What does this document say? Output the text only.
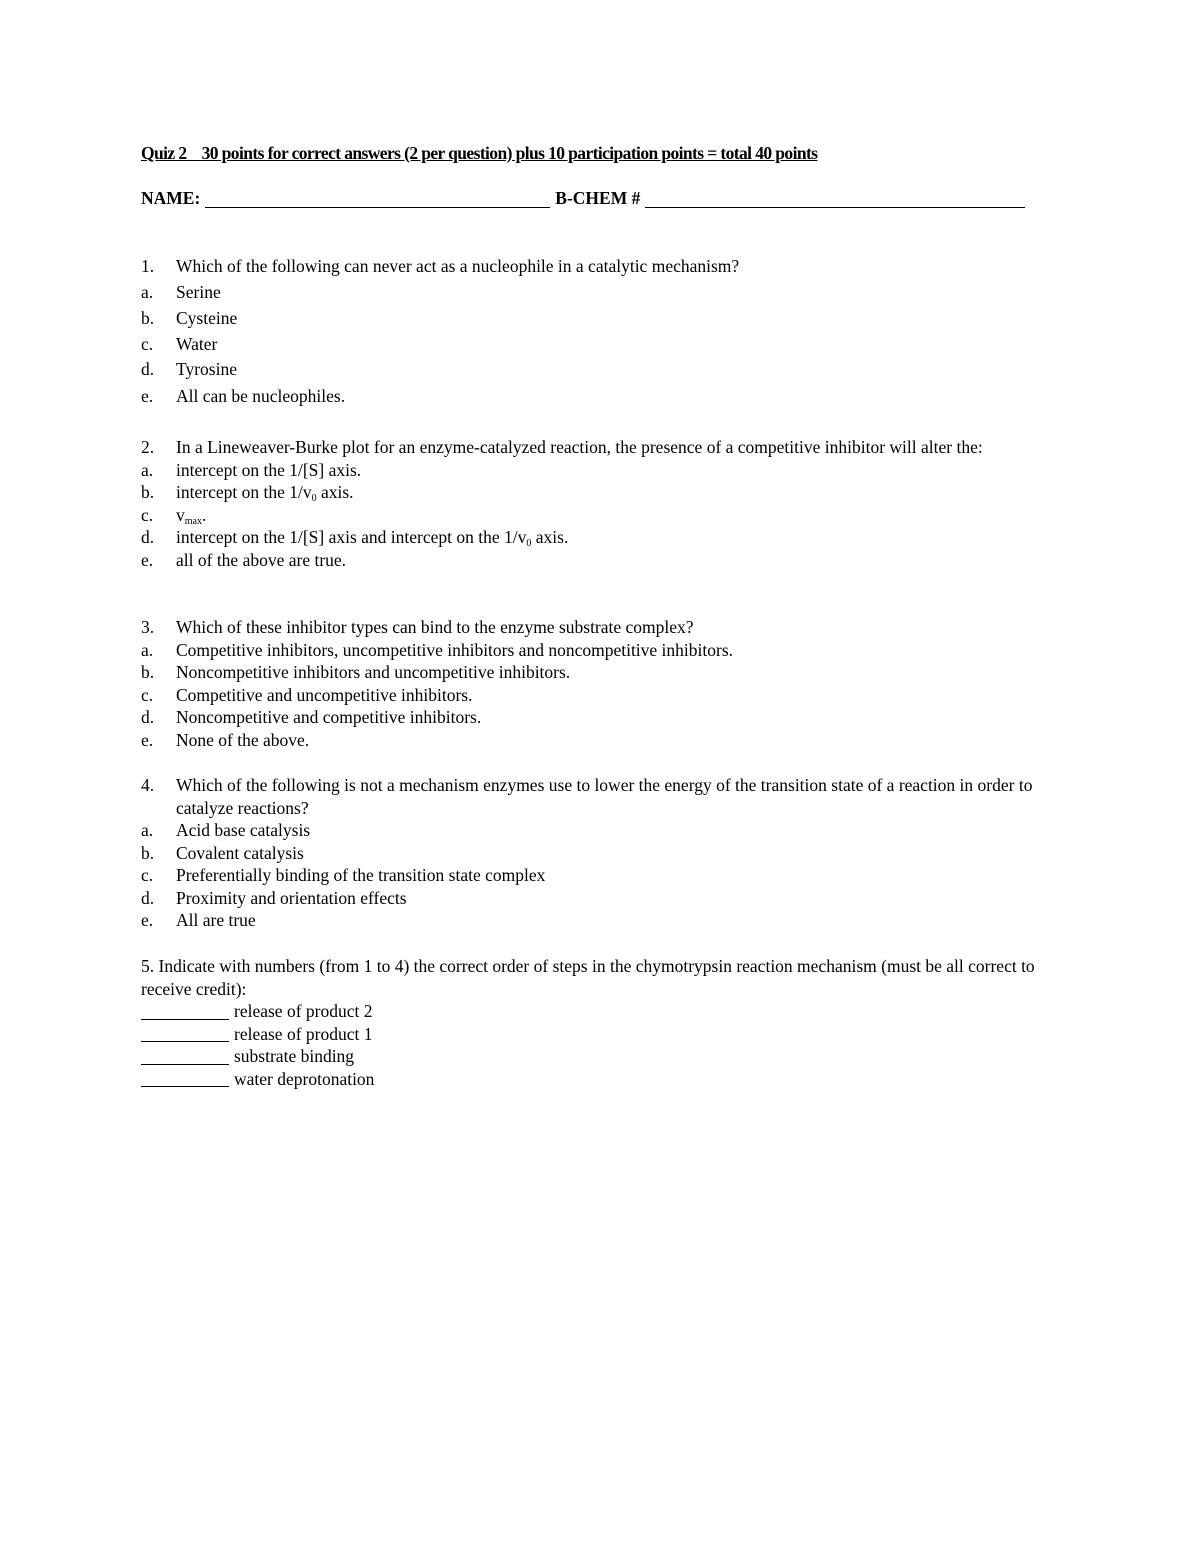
Quiz 2    30 points for correct answers (2 per question) plus 10 participation points = total 40 points
NAME:	B-CHEM #
1.	Which of the following can never act as a nucleophile in a catalytic mechanism?
a.	Serine
b.	Cysteine
c.	Water
d.	Tyrosine
e.	All can be nucleophiles.
2.	In a Lineweaver-Burke plot for an enzyme-catalyzed reaction, the presence of a competitive inhibitor will alter the:
a.	intercept on the 1/[S] axis.
b.	intercept on the $1/v_0$ axis.
c.	$v_{max}$.
d.	intercept on the 1/[S] axis and intercept on the $1/v_0$ axis.
e.	all of the above are true.
3.	Which of these inhibitor types can bind to the enzyme substrate complex?
a.	Competitive inhibitors, uncompetitive inhibitors and noncompetitive inhibitors.
b.	Noncompetitive inhibitors and uncompetitive inhibitors.
c.	Competitive and uncompetitive inhibitors.
d.	Noncompetitive and competitive inhibitors.
e.	None of the above.
4.	Which of the following is not a mechanism enzymes use to lower the energy of the transition state of a reaction in order to catalyze reactions?
a.	Acid base catalysis
b.	Covalent catalysis
c.	Preferentially binding of the transition state complex
d.	Proximity and orientation effects
e.	All are true
5. Indicate with numbers (from 1 to 4) the correct order of steps in the chymotrypsin reaction mechanism (must be all correct to receive credit):
release of product 2
release of product 1
substrate binding
water deprotonation
